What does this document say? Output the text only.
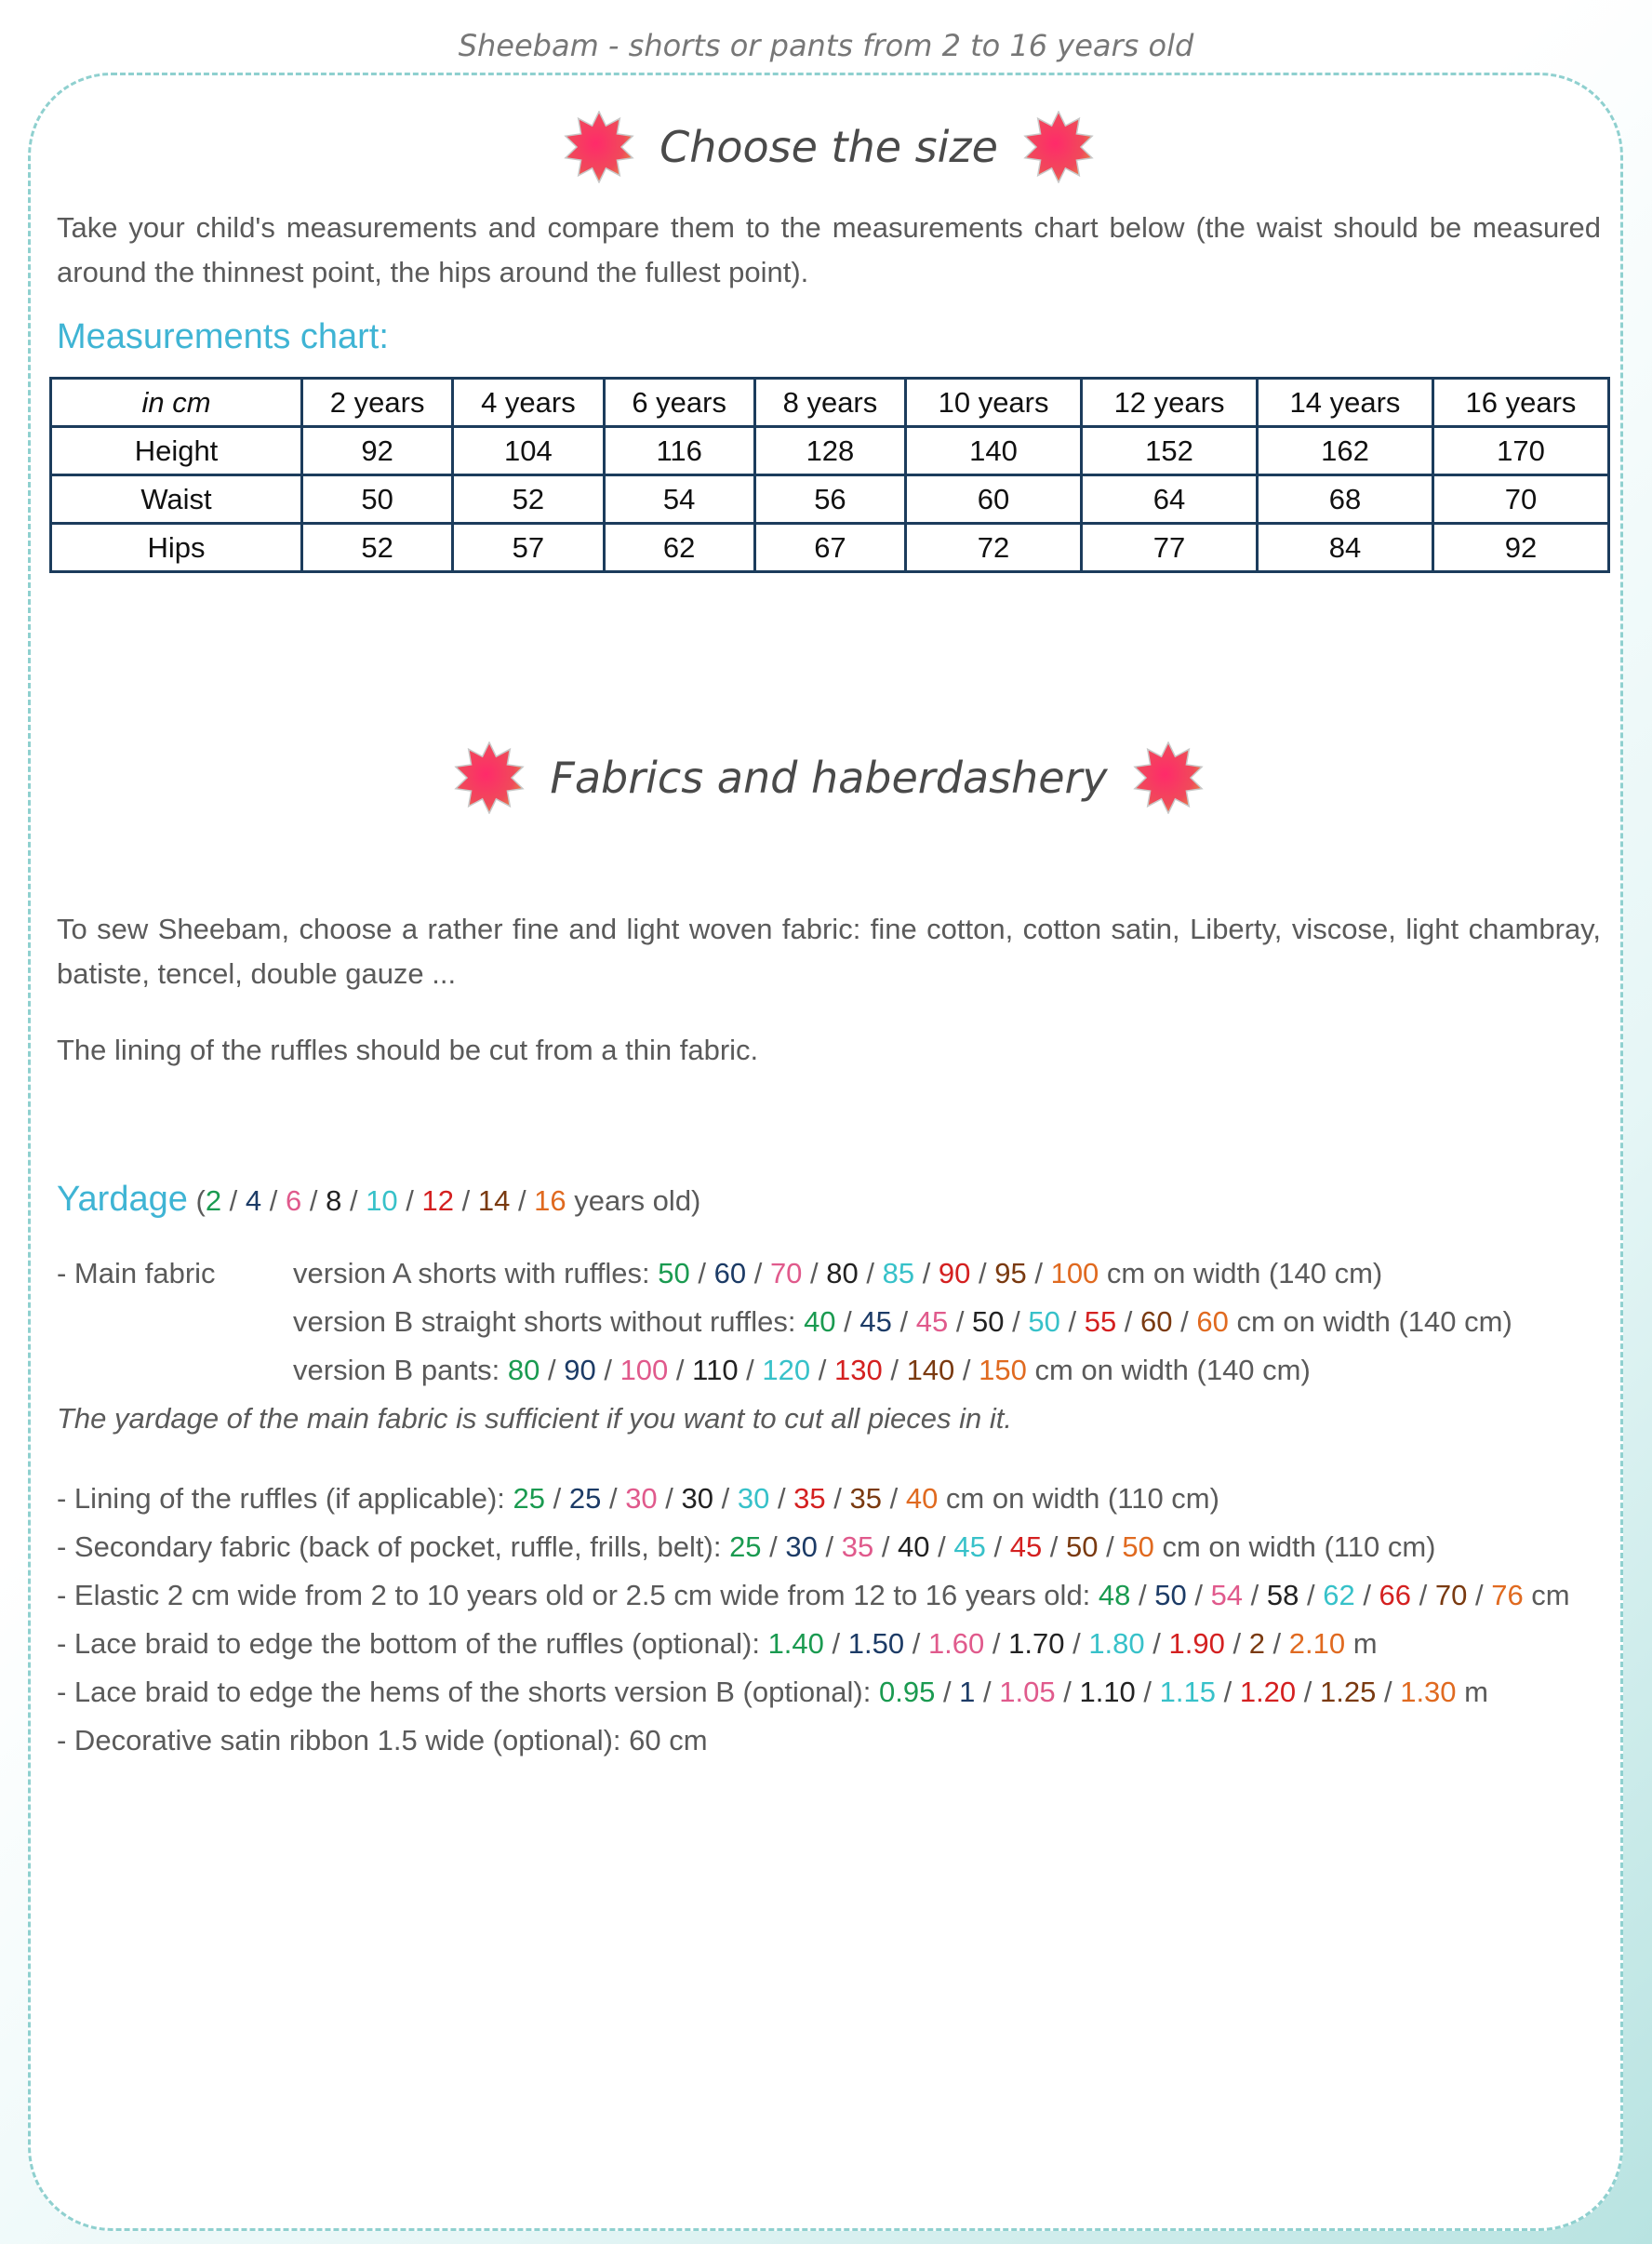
Sheebam - shorts or pants from 2 to 16 years old
Choose the size
Take your child's measurements and compare them to the measurements chart below (the waist should be measured around the thinnest point, the hips around the fullest point).
Measurements chart:
in cm	2 years	4 years	6 years	8 years	10 years	12 years	14 years	16 years
Height	92	104	116	128	140	152	162	170
Waist	50	52	54	56	60	64	68	70
Hips	52	57	62	67	72	77	84	92
Fabrics and haberdashery
To sew Sheebam, choose a rather fine and light woven fabric: fine cotton, cotton satin, Liberty, viscose, light chambray, batiste, tencel, double gauze ...
The lining of the ruffles should be cut from a thin fabric.
Yardage (2 / 4 / 6 / 8 / 10 / 12 / 14 / 16 years old)
- Main fabric	version A shorts with ruffles: 50 / 60 / 70 / 80 / 85 / 90 / 95 / 100 cm on width (140 cm)
version B straight shorts without ruffles: 40 / 45 / 45 / 50 / 50 / 55 / 60 / 60 cm on width (140 cm)
version B pants: 80 / 90 / 100 / 110 / 120 / 130 / 140 / 150 cm on width (140 cm)
The yardage of the main fabric is sufficient if you want to cut all pieces in it.
- Lining of the ruffles (if applicable): 25 / 25 / 30 / 30 / 30 / 35 / 35 / 40 cm on width (110 cm)
- Secondary fabric (back of pocket, ruffle, frills, belt): 25 / 30 / 35 / 40 / 45 / 45 / 50 / 50 cm on width (110 cm)
- Elastic 2 cm wide from 2 to 10 years old or 2.5 cm wide from 12 to 16 years old: 48 / 50 / 54 / 58 / 62 / 66 / 70 / 76 cm
- Lace braid to edge the bottom of the ruffles (optional): 1.40 / 1.50 / 1.60 / 1.70 / 1.80 / 1.90 / 2 / 2.10 m
- Lace braid to edge the hems of the shorts version B (optional): 0.95 / 1 / 1.05 / 1.10 / 1.15 / 1.20 / 1.25 / 1.30 m
- Decorative satin ribbon 1.5 wide (optional): 60 cm
